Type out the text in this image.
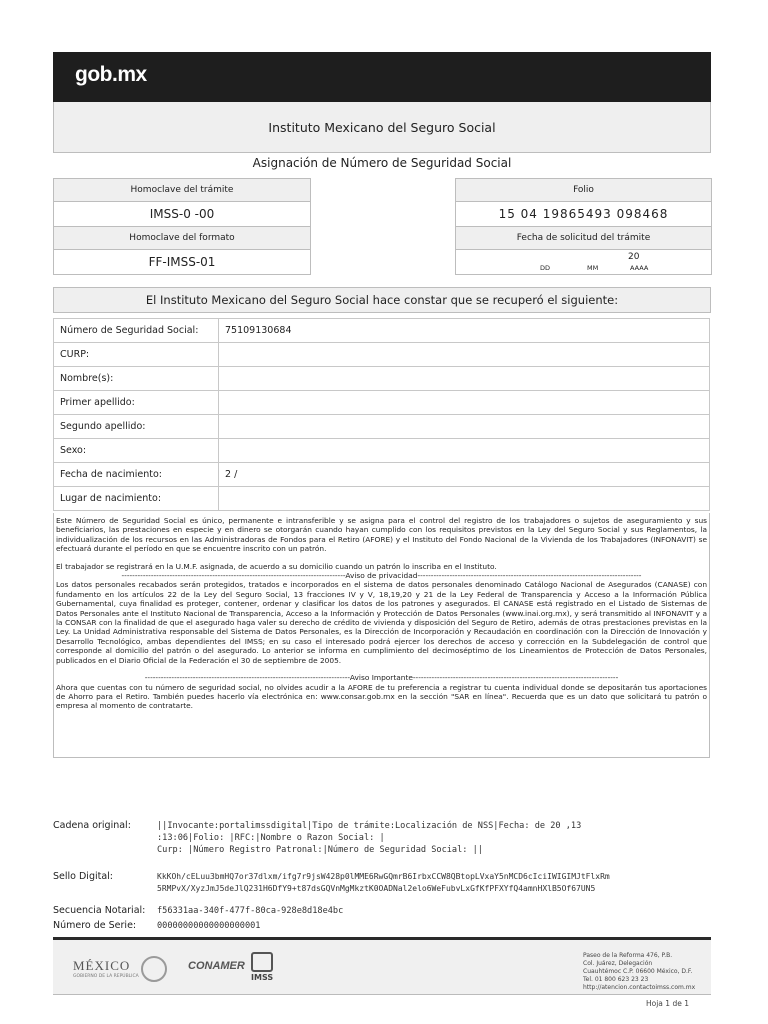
gob.mx
Instituto Mexicano del Seguro Social
Asignación de Número de Seguridad Social
Homoclave del trámite
IMSS-0 -00
Homoclave del formato
FF-IMSS-01
Folio
15 04 19865493 098468
Fecha de solicitud del trámite
20
DD	MM	AAAA
El Instituto Mexicano del Seguro Social hace constar que se recuperó el siguiente:
Número de Seguridad Social:	75109130684
CURP:	
Nombre(s):	
Primer apellido:	
Segundo apellido:	
Sexo:	
Fecha de nacimiento:	2 /
Lugar de nacimiento:	

Este Número de Seguridad Social es único, permanente e intransferible y se asigna para el control del registro de los trabajadores o sujetos de aseguramiento y sus beneficiarios, las prestaciones en especie y en dinero se otorgarán cuando hayan cumplido con los requisitos previstos en la Ley del Seguro Social y sus Reglamentos, la individualización de los recursos en las Administradoras de Fondos para el Retiro (AFORE) y el Instituto del Fondo Nacional de la Vivienda de los Trabajadores (INFONAVIT) se efectuará durante el período en que se encuentre inscrito con un patrón.

El trabajador se registrará en la U.M.F. asignada, de acuerdo a su domicilio cuando un patrón lo inscriba en el Instituto.

------------------------------------------------------------------------------------Aviso de privacidad------------------------------------------------------------------------------------

Los datos personales recabados serán protegidos, tratados e incorporados en el sistema de datos personales denominado Catálogo Nacional de Asegurados (CANASE) con fundamento en los artículos 22 de la Ley del Seguro Social, 13 fracciones IV y V, 18,19,20 y 21 de la Ley Federal de Transparencia y Acceso a la Información Pública Gubernamental, cuya finalidad es proteger, contener, ordenar y clasificar los datos de los patrones y asegurados. El CANASE está registrado en el Listado de Sistemas de Datos Personales ante el Instituto Nacional de Transparencia, Acceso a la Información y Protección de Datos Personales (www.inai.org.mx), y será transmitido al INFONAVIT y a la CONSAR con la finalidad de que el asegurado haga valer su derecho de crédito de vivienda y disposición del Seguro de Retiro, además de otras prestaciones previstas en la Ley. La Unidad Administrativa responsable del Sistema de Datos Personales, es la Dirección de Incorporación y Recaudación en coordinación con la Dirección de Innovación y Desarrollo Tecnológico, ambas dependientes del IMSS; en su caso el interesado podrá ejercer los derechos de acceso y corrección en la Subdelegación de control que corresponde al domicilio del patrón o del asegurado. Lo anterior se informa en cumplimiento del decimoséptimo de los Lineamientos de Protección de Datos Personales, publicados en el Diario Oficial de la Federación el 30 de septiembre de 2005.

-----------------------------------------------------------------------------Aviso Importante-----------------------------------------------------------------------------

Ahora que cuentas con tu número de seguridad social, no olvides acudir a la AFORE de tu preferencia a registrar tu cuenta individual donde se depositarán tus aportaciones de Ahorro para el Retiro. También puedes hacerlo vía electrónica en: www.consar.gob.mx en la sección "SAR en línea". Recuerda que es un dato que solicitará tu patrón o empresa al momento de contratarte.

Cadena original:	||Invocante:portalimssdigital|Tipo de trámite:Localización de NSS|Fecha: de 20 ,13
:13:06|Folio: |RFC:|Nombre o Razon Social: |
Curp: |Número Registro Patronal:|Número de Seguridad Social: ||
Sello Digital:	KkKOh/cELuu3bmHQ7or37dlxm/ifg7r9jsW428p0lMME6RwGQmrB6IrbxCCW8QBtopLVxaY5nMCD6cIciIWIGIMJtFlxRm
5RMPvX/XyzJmJ5deJlQ231H6DfY9+t87dsGQVnMgMkztK0OADNal2elo6WeFubvLxGfKfPFXYfQ4amnHXlB5Of67UN5
Secuencia Notarial:	f56331aa-340f-477f-80ca-928e8d18e4bc
Número de Serie:	00000000000000000001
MÉXICO
GOBIERNO DE LA REPÚBLICA
CONAMER
IMSS
Paseo de la Reforma 476, P.B.
Col. Juárez, Delegación
Cuauhtémoc C.P. 06600 México, D.F.
Tel. 01 800 623 23 23
http://atencion.contactoimss.com.mx
Hoja 1 de 1
